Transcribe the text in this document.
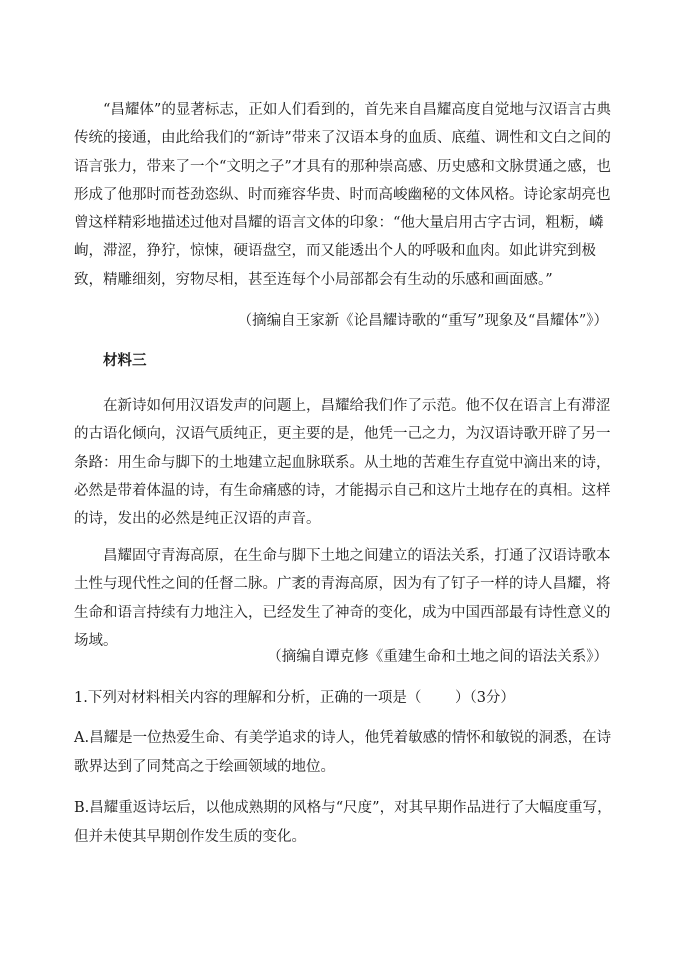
“昌耀体”的显著标志，正如人们看到的，首先来自昌耀高度自觉地与汉语言古典传统的接通，由此给我们的“新诗”带来了汉语本身的血质、底蕴、调性和文白之间的语言张力，带来了一个“文明之子”才具有的那种崇高感、历史感和文脉贯通之感，也形成了他那时而苍劲恣纵、时而雍容华贵、时而高峻幽秘的文体风格。诗论家胡亮也曾这样精彩地描述过他对昌耀的语言文体的印象：“他大量启用古字古词，粗粝，嶙峋，滞涩，狰狞，惊悚，硬语盘空，而又能透出个人的呼吸和血肉。如此讲究到极致，精雕细刻，穷物尽相，甚至连每个小局部都会有生动的乐感和画面感。”

（摘编自王家新《论昌耀诗歌的“重写”现象及“昌耀体”》）

材料三

在新诗如何用汉语发声的问题上，昌耀给我们作了示范。他不仅在语言上有滞涩的古语化倾向，汉语气质纯正，更主要的是，他凭一己之力，为汉语诗歌开辟了另一条路：用生命与脚下的土地建立起血脉联系。从土地的苦难生存直觉中滴出来的诗，必然是带着体温的诗，有生命痛感的诗，才能揭示自己和这片土地存在的真相。这样的诗，发出的必然是纯正汉语的声音。

昌耀固守青海高原，在生命与脚下土地之间建立的语法关系，打通了汉语诗歌本土性与现代性之间的任督二脉。广袤的青海高原，因为有了钉子一样的诗人昌耀，将生命和语言持续有力地注入，已经发生了神奇的变化，成为中国西部最有诗性意义的场域。

（摘编自谭克修《重建生命和土地之间的语法关系》）

1.下列对材料相关内容的理解和分析，正确的一项是（　　 ）（3分）

A.昌耀是一位热爱生命、有美学追求的诗人，他凭着敏感的情怀和敏锐的洞悉，在诗歌界达到了同梵高之于绘画领域的地位。

B.昌耀重返诗坛后，以他成熟期的风格与“尺度”，对其早期作品进行了大幅度重写，但并未使其早期创作发生质的变化。
